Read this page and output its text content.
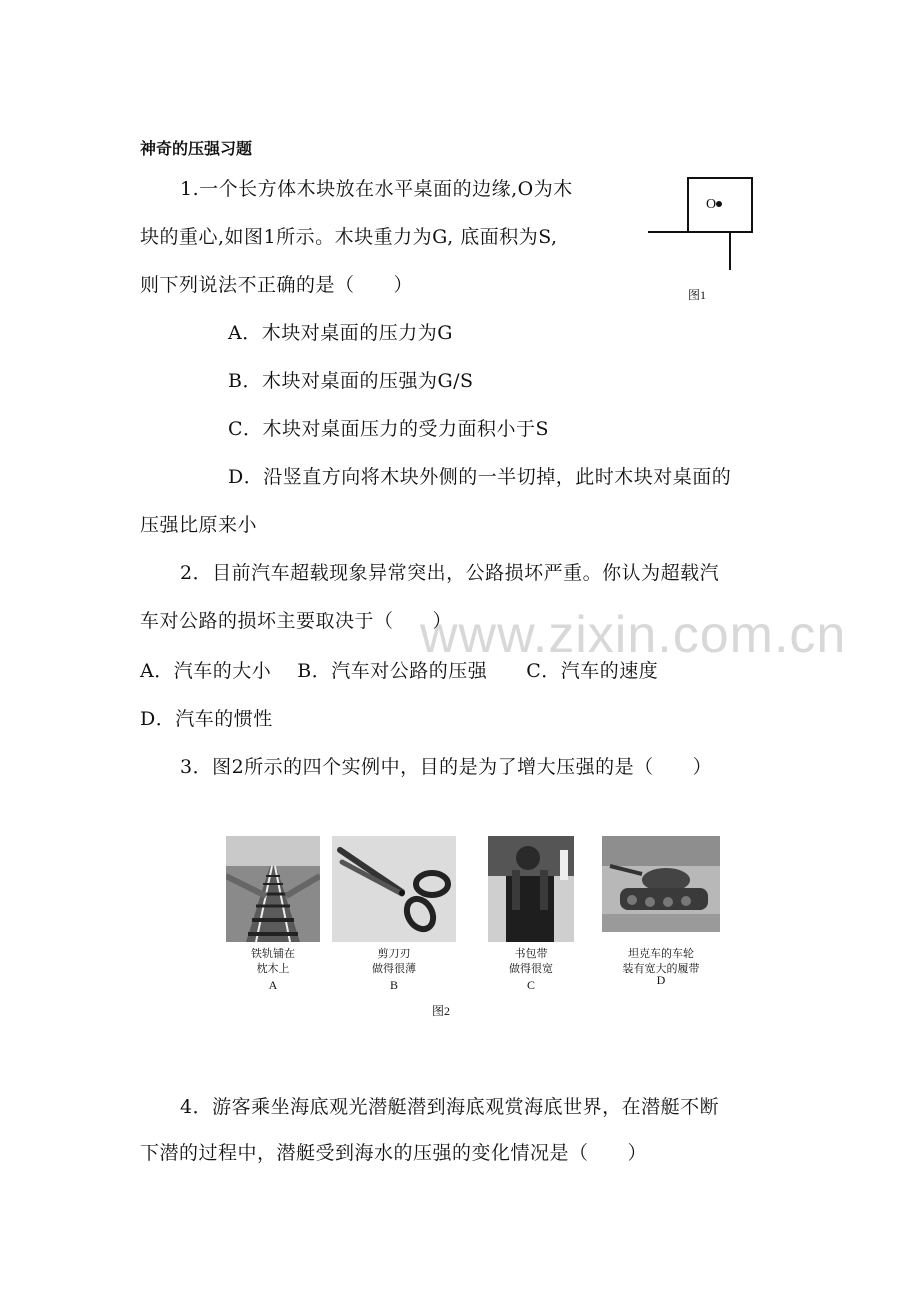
www.zixin.com.cn
神奇的压强习题
1.一个长方体木块放在水平桌面的边缘,O为木
块的重心,如图1所示。木块重力为G, 底面积为S,
则下列说法不正确的是（　　）
O
图1
A．木块对桌面的压力为G
B．木块对桌面的压强为G/S
C．木块对桌面压力的受力面积小于S
D．沿竖直方向将木块外侧的一半切掉，此时木块对桌面的
压强比原来小
2．目前汽车超载现象异常突出，公路损坏严重。你认为超载汽
车对公路的损坏主要取决于（　　）
A．汽车的大小　 B．汽车对公路的压强　　C．汽车的速度
D．汽车的惯性
3．图2所示的四个实例中，目的是为了增大压强的是（　　）
铁轨铺在
枕木上
A
剪刀刃
做得很薄
B
书包带
做得很宽
C
坦克车的车轮
装有宽大的履带
D
图2
4．游客乘坐海底观光潜艇潜到海底观赏海底世界，在潜艇不断
下潜的过程中，潜艇受到海水的压强的变化情况是（　　）
